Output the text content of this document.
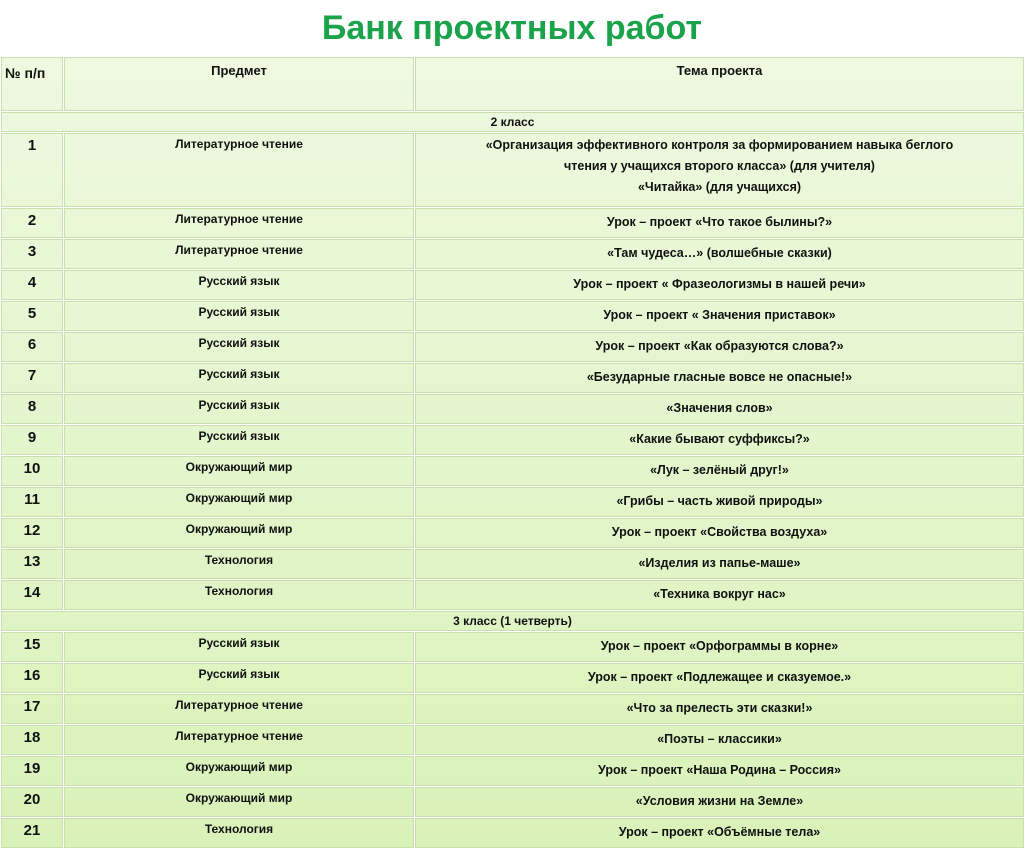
Банк проектных работ
№ п/п	Предмет	Тема проекта
2 класс		
1	Литературное чтение	«Организация эффективного контроля за формированием навыка беглого
чтения у учащихся второго класса» (для учителя)
«Читайка» (для учащихся)

2	Литературное чтение	Урок – проект «Что такое былины?»

3	Литературное чтение	«Там чудеса…» (волшебные сказки)

4	Русский язык	Урок – проект « Фразеологизмы в нашей речи»

5	Русский язык	Урок – проект « Значения приставок»

6	Русский язык	Урок – проект «Как образуются слова?»

7	Русский язык	«Безударные гласные вовсе не опасные!»

8	Русский язык	«Значения слов»

9	Русский язык	«Какие бывают суффиксы?»

10	Окружающий мир	«Лук – зелёный друг!»

11	Окружающий мир	«Грибы – часть живой природы»

12	Окружающий мир	Урок – проект «Свойства воздуха»

13	Технология	«Изделия из папье-маше»

14	Технология	«Техника вокруг нас»

3 класс (1 четверть)		
15	Русский язык	Урок – проект «Орфограммы в корне»

16	Русский язык	Урок – проект «Подлежащее и сказуемое.»

17	Литературное чтение	«Что за прелесть эти сказки!»

18	Литературное чтение	«Поэты – классики»

19	Окружающий мир	Урок – проект «Наша Родина – Россия»

20	Окружающий мир	«Условия жизни на Земле»

21	Технология	Урок – проект «Объёмные тела»
